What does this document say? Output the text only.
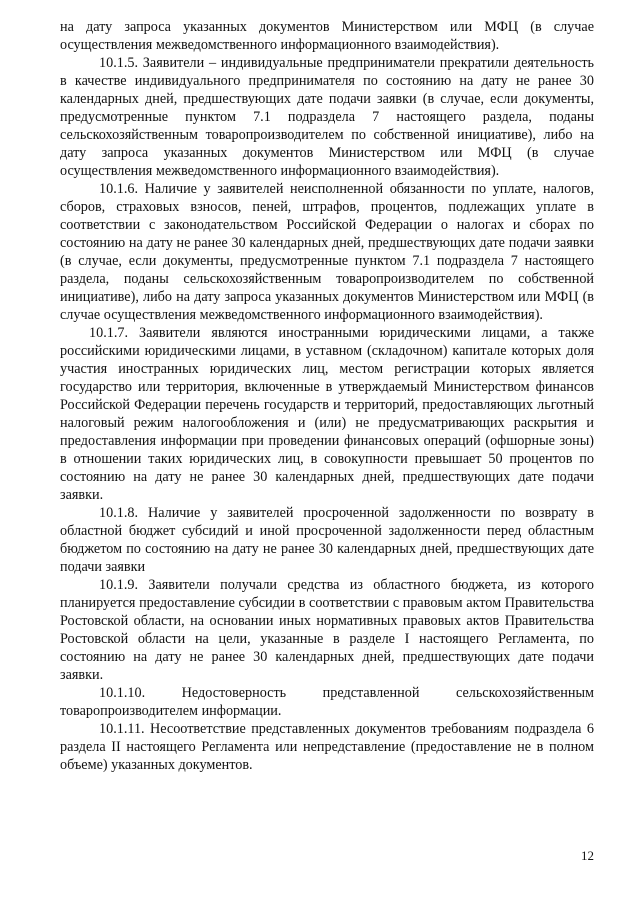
на дату запроса указанных документов Министерством или МФЦ (в случае осуществления межведомственного информационного взаимодействия).

10.1.5. Заявители – индивидуальные предприниматели прекратили деятельность в качестве индивидуального предпринимателя по состоянию на дату не ранее 30 календарных дней, предшествующих дате подачи заявки (в случае, если документы, предусмотренные пунктом 7.1 подраздела 7 настоящего раздела, поданы сельскохозяйственным товаропроизводителем по собственной инициативе), либо на дату запроса указанных документов Министерством или МФЦ (в случае осуществления межведомственного информационного взаимодействия).

10.1.6. Наличие у заявителей неисполненной обязанности по уплате, налогов, сборов, страховых взносов, пеней, штрафов, процентов, подлежащих уплате в соответствии с законодательством Российской Федерации о налогах и сборах по состоянию на дату не ранее 30 календарных дней, предшествующих дате подачи заявки (в случае, если документы, предусмотренные пунктом 7.1 подраздела 7 настоящего раздела, поданы сельскохозяйственным товаропроизводителем по собственной инициативе), либо на дату запроса указанных документов Министерством или МФЦ (в случае осуществления межведомственного информационного взаимодействия).

10.1.7. Заявители являются иностранными юридическими лицами, а также российскими юридическими лицами, в уставном (складочном) капитале которых доля участия иностранных юридических лиц, местом регистрации которых является государство или территория, включенные в утверждаемый Министерством финансов Российской Федерации перечень государств и территорий, предоставляющих льготный налоговый режим налогообложения и (или) не предусматривающих раскрытия и предоставления информации при проведении финансовых операций (офшорные зоны) в отношении таких юридических лиц, в совокупности превышает 50 процентов по состоянию на дату не ранее 30 календарных дней, предшествующих дате подачи заявки.

10.1.8. Наличие у заявителей просроченной задолженности по возврату в областной бюджет субсидий и иной просроченной задолженности перед областным бюджетом по состоянию на дату не ранее 30 календарных дней, предшествующих дате подачи заявки

10.1.9. Заявители получали средства из областного бюджета, из которого планируется предоставление субсидии в соответствии с правовым актом Правительства Ростовской области, на основании иных нормативных правовых актов Правительства Ростовской области на цели, указанные в разделе I настоящего Регламента, по состоянию на дату не ранее 30 календарных дней, предшествующих дате подачи заявки.

10.1.10. Недостоверность представленной сельскохозяйственным товаропроизводителем информации.

10.1.11. Несоответствие представленных документов требованиям подраздела 6 раздела II настоящего Регламента или непредставление (предоставление не в полном объеме) указанных документов.

12
